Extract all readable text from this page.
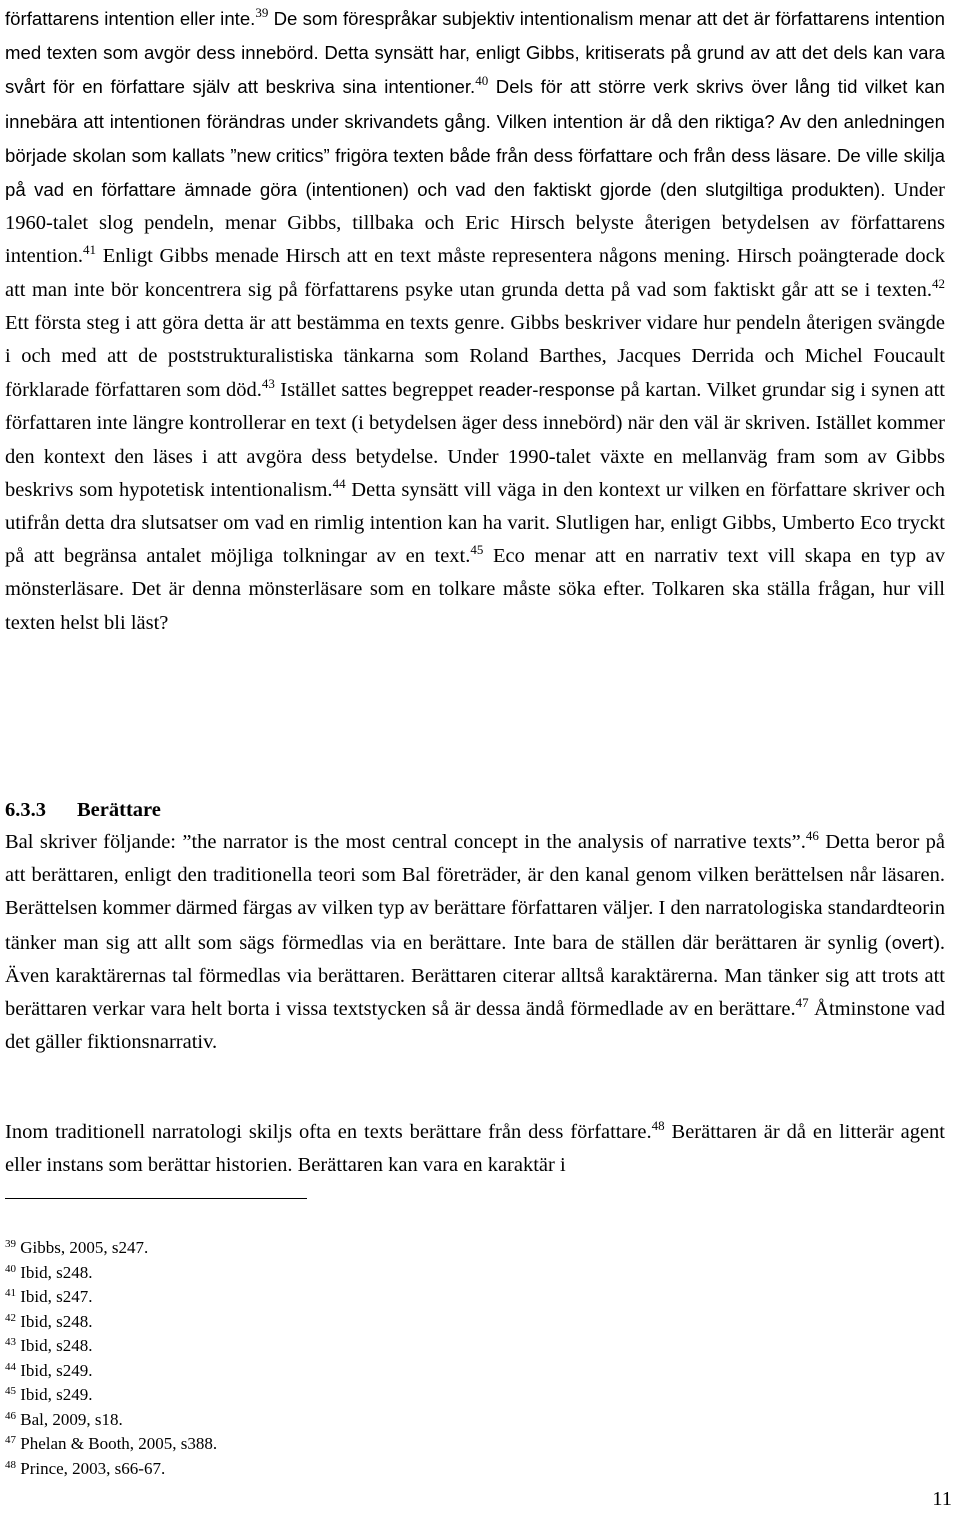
författarens intention eller inte.$^{39}$ De som förespråkar subjektiv intentionalism menar att det är författarens intention med texten som avgör dess innebörd. Detta synsätt har, enligt Gibbs, kritiserats på grund av att det dels kan vara svårt för en författare själv att beskriva sina intentioner.$^{40}$ Dels för att större verk skrivs över lång tid vilket kan innebära att intentionen förändras under skrivandets gång. Vilken intention är då den riktiga? Av den anledningen började skolan som kallats ”new critics” frigöra texten både från dess författare och från dess läsare. De ville skilja på vad en författare ämnade göra (intentionen) och vad den faktiskt gjorde (den slutgiltiga produkten). Under 1960-talet slog pendeln, menar Gibbs, tillbaka och Eric Hirsch belyste återigen betydelsen av författarens intention.$^{41}$ Enligt Gibbs menade Hirsch att en text måste representera någons mening. Hirsch poängterade dock att man inte bör koncentrera sig på författarens psyke utan grunda detta på vad som faktiskt går att se i texten.$^{42}$ Ett första steg i att göra detta är att bestämma en texts genre. Gibbs beskriver vidare hur pendeln återigen svängde i och med att de poststrukturalistiska tänkarna som Roland Barthes, Jacques Derrida och Michel Foucault förklarade författaren som död.$^{43}$ Istället sattes begreppet reader-response på kartan. Vilket grundar sig i synen att författaren inte längre kontrollerar en text (i betydelsen äger dess innebörd) när den väl är skriven. Istället kommer den kontext den läses i att avgöra dess betydelse. Under 1990-talet växte en mellanväg fram som av Gibbs beskrivs som hypotetisk intentionalism.$^{44}$ Detta synsätt vill väga in den kontext ur vilken en författare skriver och utifrån detta dra slutsatser om vad en rimlig intention kan ha varit. Slutligen har, enligt Gibbs, Umberto Eco tryckt på att begränsa antalet möjliga tolkningar av en text.$^{45}$ Eco menar att en narrativ text vill skapa en typ av mönsterläsare. Det är denna mönsterläsare som en tolkare måste söka efter. Tolkaren ska ställa frågan, hur vill texten helst bli läst?

6.3.3 Berättare

Bal skriver följande: ”the narrator is the most central concept in the analysis of narrative texts”.$^{46}$ Detta beror på att berättaren, enligt den traditionella teori som Bal företräder, är den kanal genom vilken berättelsen når läsaren. Berättelsen kommer därmed färgas av vilken typ av berättare författaren väljer. I den narratologiska standardteorin tänker man sig att allt som sägs förmedlas via en berättare. Inte bara de ställen där berättaren är synlig (overt). Även karaktärernas tal förmedlas via berättaren. Berättaren citerar alltså karaktärerna. Man tänker sig att trots att berättaren verkar vara helt borta i vissa textstycken så är dessa ändå förmedlade av en berättare.$^{47}$ Åtminstone vad det gäller fiktionsnarrativ.

Inom traditionell narratologi skiljs ofta en texts berättare från dess författare.$^{48}$ Berättaren är då en litterär agent eller instans som berättar historien. Berättaren kan vara en karaktär i

$^{39}$ Gibbs, 2005, s247.

$^{40}$ Ibid, s248.

$^{41}$ Ibid, s247.

$^{42}$ Ibid, s248.

$^{43}$ Ibid, s248.

$^{44}$ Ibid, s249.

$^{45}$ Ibid, s249.

$^{46}$ Bal, 2009, s18.

$^{47}$ Phelan & Booth, 2005, s388.

$^{48}$ Prince, 2003, s66-67.

11
